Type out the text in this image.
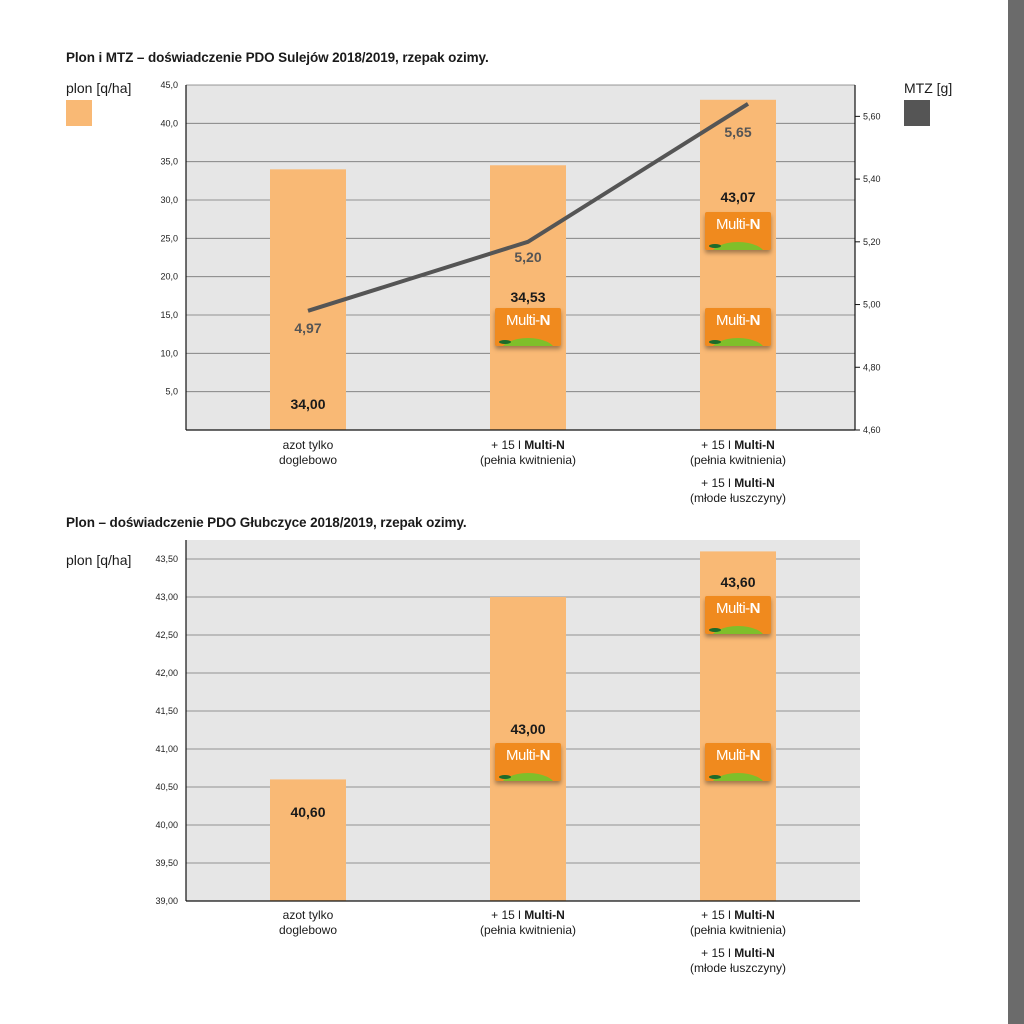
Plon i MTZ – doświadczenie PDO Sulejów 2018/2019, rzepak ozimy.
plon [q/ha]	MTZ [g]
Plon – doświadczenie PDO Głubczyce 2018/2019, rzepak ozimy.
plon [q/ha]
45,0
40,0
35,0
30,0
25,0
20,0
15,0
10,0
5,0
5,60
5,40
5,20
5,00
4,80
4,60
34,00
34,53
43,07
4,97
5,20
5,65
43,50
43,00
42,50
42,00
41,50
41,00
40,50
40,00
39,50
39,00
40,60
43,00
43,60
Multi-N
Multi-N
Multi-N
azot tylko
doglebowo
+ 15 l Multi-N
(pełnia kwitnienia)
+ 15 l Multi-N
(pełnia kwitnienia)
+ 15 l Multi-N
(młode łuszczyny)
Multi-N
Multi-N
Multi-N
azot tylko
doglebowo
+ 15 l Multi-N
(pełnia kwitnienia)
+ 15 l Multi-N
(pełnia kwitnienia)
+ 15 l Multi-N
(młode łuszczyny)
